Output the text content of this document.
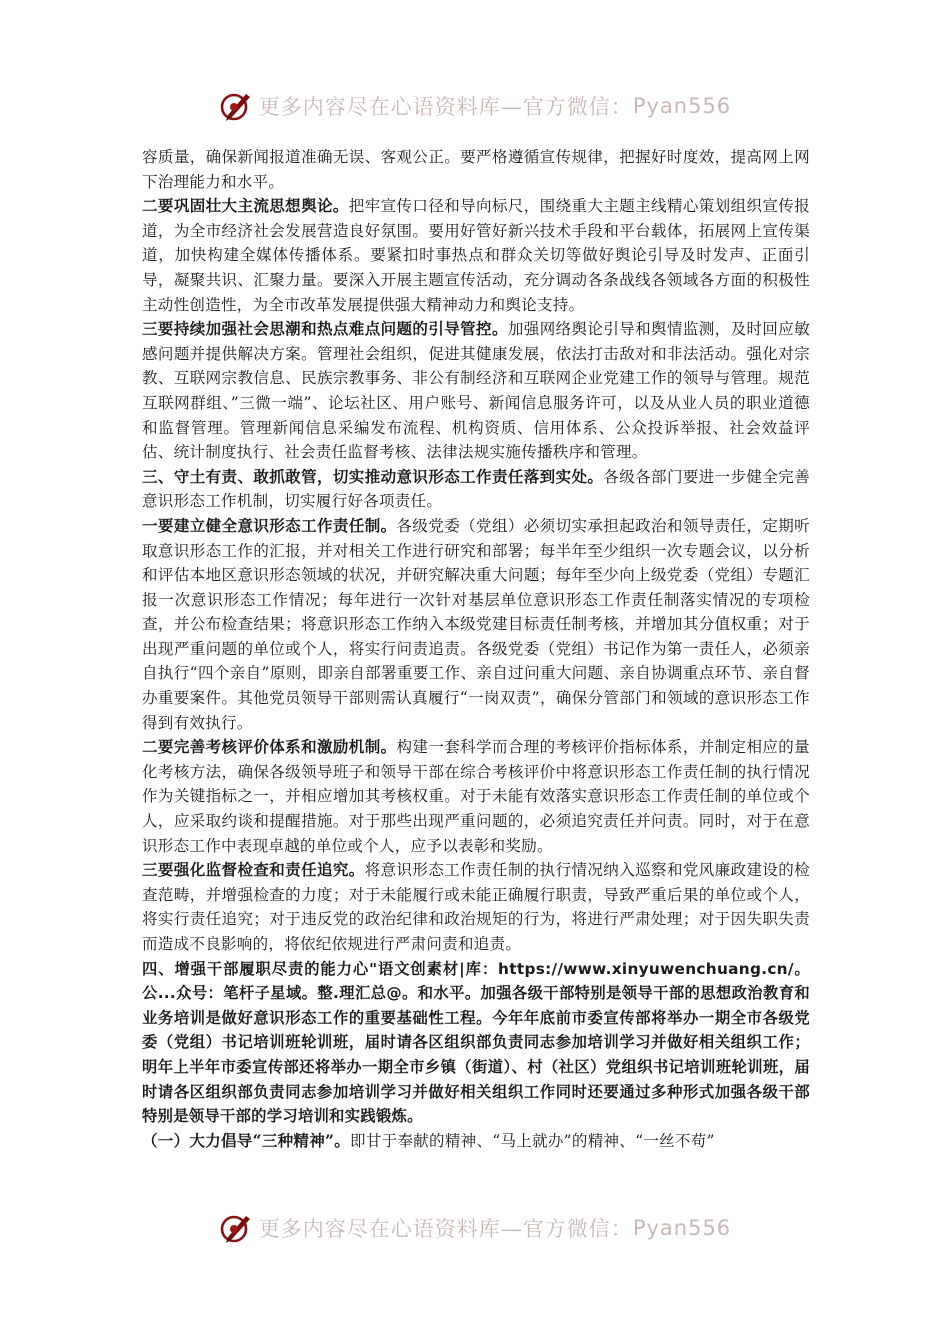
更多内容尽在心语资料库—官方微信： Pyan556

容质量，确保新闻报道准确无误、客观公正。要严格遵循宣传规律，把握好时度效，提高网上网下治理能力和水平。

二要巩固壮大主流思想舆论。把牢宣传口径和导向标尺，围绕重大主题主线精心策划组织宣传报道，为全市经济社会发展营造良好氛围。要用好管好新兴技术手段和平台载体，拓展网上宣传渠道，加快构建全媒体传播体系。要紧扣时事热点和群众关切等做好舆论引导及时发声、正面引导，凝聚共识、汇聚力量。要深入开展主题宣传活动，充分调动各条战线各领域各方面的积极性主动性创造性，为全市改革发展提供强大精神动力和舆论支持。

三要持续加强社会思潮和热点难点问题的引导管控。加强网络舆论引导和舆情监测，及时回应敏感问题并提供解决方案。管理社会组织，促进其健康发展，依法打击敌对和非法活动。强化对宗教、互联网宗教信息、民族宗教事务、非公有制经济和互联网企业党建工作的领导与管理。规范互联网群组、”三微一端”、论坛社区、用户账号、新闻信息服务许可，以及从业人员的职业道德和监督管理。管理新闻信息采编发布流程、机构资质、信用体系、公众投诉举报、社会效益评估、统计制度执行、社会责任监督考核、法律法规实施传播秩序和管理。

三、守土有责、敢抓敢管，切实推动意识形态工作责任落到实处。各级各部门要进一步健全完善意识形态工作机制，切实履行好各项责任。

一要建立健全意识形态工作责任制。各级党委（党组）必须切实承担起政治和领导责任，定期听取意识形态工作的汇报，并对相关工作进行研究和部署；每半年至少组织一次专题会议，以分析和评估本地区意识形态领域的状况，并研究解决重大问题；每年至少向上级党委（党组）专题汇报一次意识形态工作情况；每年进行一次针对基层单位意识形态工作责任制落实情况的专项检查，并公布检查结果；将意识形态工作纳入本级党建目标责任制考核，并增加其分值权重；对于出现严重问题的单位或个人，将实行问责追责。各级党委（党组）书记作为第一责任人，必须亲自执行“四个亲自”原则，即亲自部署重要工作、亲自过问重大问题、亲自协调重点环节、亲自督办重要案件。其他党员领导干部则需认真履行“一岗双责”，确保分管部门和领域的意识形态工作得到有效执行。

二要完善考核评价体系和激励机制。构建一套科学而合理的考核评价指标体系，并制定相应的量化考核方法，确保各级领导班子和领导干部在综合考核评价中将意识形态工作责任制的执行情况作为关键指标之一，并相应增加其考核权重。对于未能有效落实意识形态工作责任制的单位或个人，应采取约谈和提醒措施。对于那些出现严重问题的，必须追究责任并问责。同时，对于在意识形态工作中表现卓越的单位或个人，应予以表彰和奖励。

三要强化监督检查和责任追究。将意识形态工作责任制的执行情况纳入巡察和党风廉政建设的检查范畴，并增强检查的力度；对于未能履行或未能正确履行职责，导致严重后果的单位或个人，将实行责任追究；对于违反党的政治纪律和政治规矩的行为，将进行严肃处理；对于因失职失责而造成不良影响的，将依纪依规进行严肃问责和追责。

四、增强干部履职尽责的能力心"语文创素材|库：https://www.xinyuwenchuang.cn/。公...众号：笔杆子星域。整.理汇总@。和水平。加强各级干部特别是领导干部的思想政治教育和业务培训是做好意识形态工作的重要基础性工程。今年年底前市委宣传部将举办一期全市各级党委（党组）书记培训班轮训班，届时请各区组织部负责同志参加培训学习并做好相关组织工作；明年上半年市委宣传部还将举办一期全市乡镇（街道）、村（社区）党组织书记培训班轮训班，届时请各区组织部负责同志参加培训学习并做好相关组织工作同时还要通过多种形式加强各级干部特别是领导干部的学习培训和实践锻炼。

（一）大力倡导“三种精神”。即甘于奉献的精神、“马上就办”的精神、“一丝不苟”

更多内容尽在心语资料库—官方微信： Pyan556
